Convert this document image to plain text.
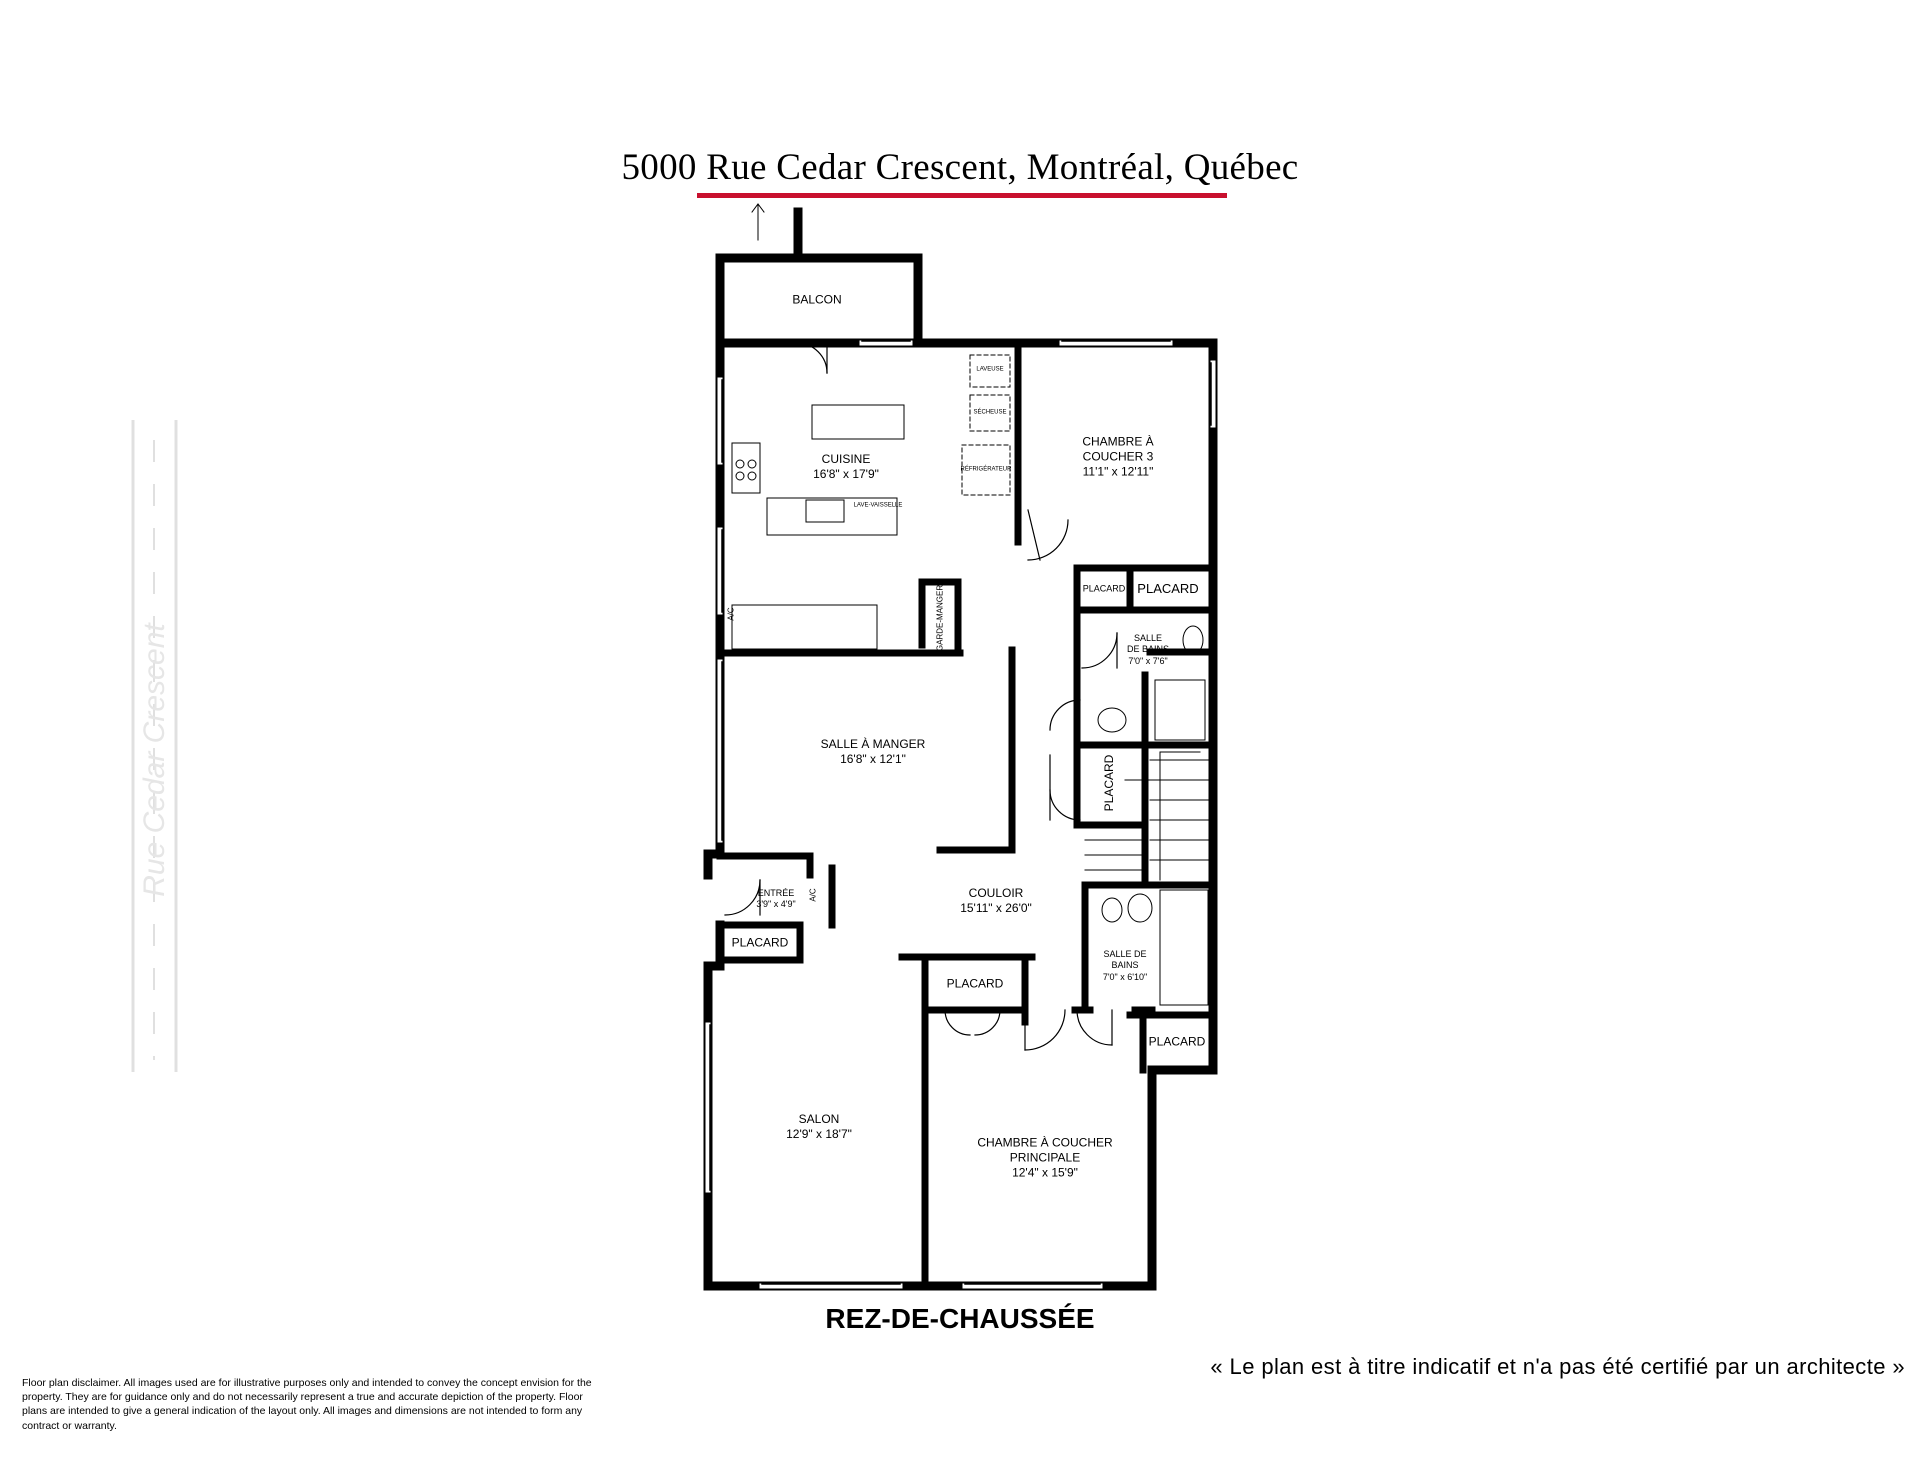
5000 Rue Cedar Crescent, Montréal, Québec
Rue Cedar Crescent
BALCON
CUISINE
16'8" x 17'9"
CHAMBRE À
COUCHER 3
11'1" x 12'11"
SALLE
DE BAINS
7'0" x 7'6"
SALLE À MANGER
16'8" x 12'1"
ENTRÉE
3'9" x 4'9"
COULOIR
15'11" x 26'0"
SALLE DE
BAINS
7'0" x 6'10"
SALON
12'9" x 18'7"
CHAMBRE À COUCHER
PRINCIPALE
12'4" x 15'9"
PLACARD PLACARD
PLACARD
PLACARD
PLACARD
PLACARD
GARDE-MANGER
LAVEUSE
SÉCHEUSE
RÉFRIGÉRATEUR
LAVE-VAISSELLE
A/C
A/C
REZ-DE-CHAUSSÉE
« Le plan est à titre indicatif et n'a pas été certifié par un architecte »
Floor plan disclaimer. All images used are for illustrative purposes only and intended to convey the concept envision for the property. They are for guidance only and do not necessarily represent a true and accurate depiction of the property. Floor plans are intended to give a general indication of the layout only. All images and dimensions are not intended to form any contract or warranty.
